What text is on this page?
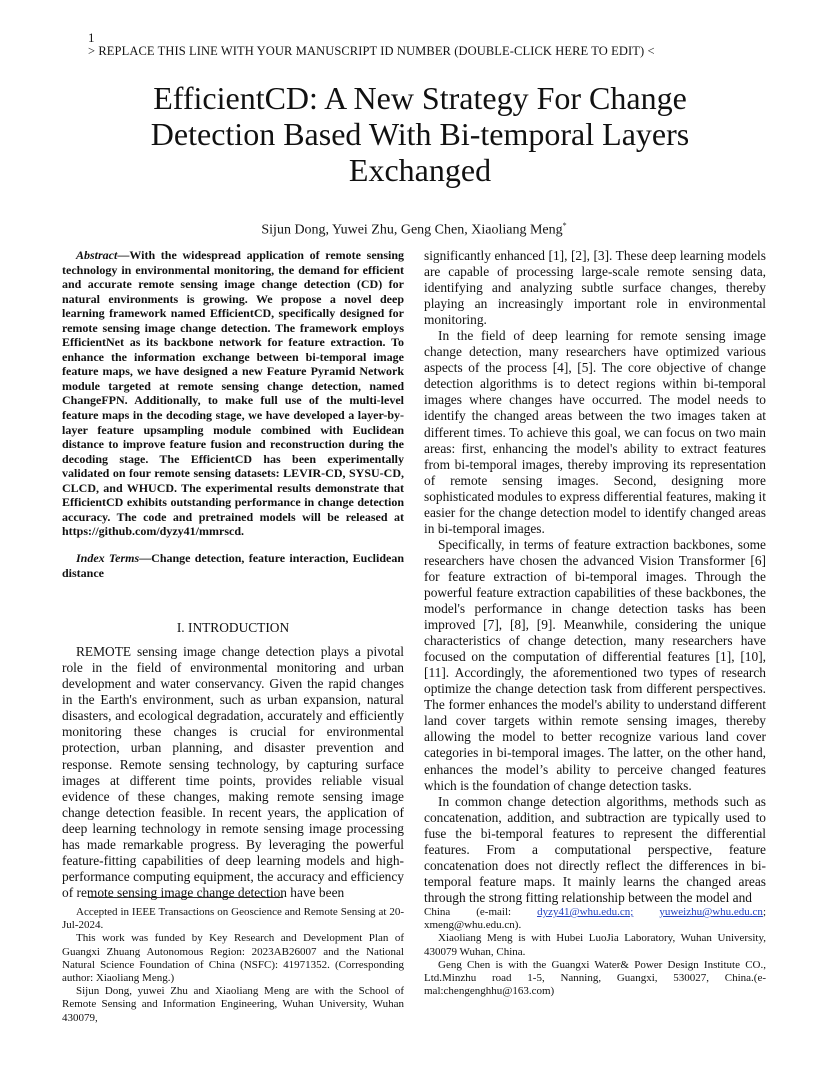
1
> REPLACE THIS LINE WITH YOUR MANUSCRIPT ID NUMBER (DOUBLE-CLICK HERE TO EDIT) <
EfficientCD: A New Strategy For Change Detection Based With Bi-temporal Layers Exchanged
Sijun Dong, Yuwei Zhu, Geng Chen, Xiaoliang Meng*

Abstract—With the widespread application of remote sensing technology in environmental monitoring, the demand for efficient and accurate remote sensing image change detection (CD) for natural environments is growing. We propose a novel deep learning framework named EfficientCD, specifically designed for remote sensing image change detection. The framework employs EfficientNet as its backbone network for feature extraction. To enhance the information exchange between bi-temporal image feature maps, we have designed a new Feature Pyramid Network module targeted at remote sensing change detection, named ChangeFPN. Additionally, to make full use of the multi-level feature maps in the decoding stage, we have developed a layer-by-layer feature upsampling module combined with Euclidean distance to improve feature fusion and reconstruction during the decoding stage. The EfficientCD has been experimentally validated on four remote sensing datasets: LEVIR-CD, SYSU-CD, CLCD, and WHUCD. The experimental results demonstrate that EfficientCD exhibits outstanding performance in change detection accuracy. The code and pretrained models will be released at https://github.com/dyzy41/mmrscd.

Index Terms—Change detection, feature interaction, Euclidean distance

I. INTRODUCTION

REMOTE sensing image change detection plays a pivotal role in the field of environmental monitoring and urban development and water conservancy. Given the rapid changes in the Earth's environment, such as urban expansion, natural disasters, and ecological degradation, accurately and efficiently monitoring these changes is crucial for environmental protection, urban planning, and disaster prevention and response. Remote sensing technology, by capturing surface images at different time points, provides reliable visual evidence of these changes, making remote sensing image change detection feasible. In recent years, the application of deep learning technology in remote sensing image processing has made remarkable progress. By leveraging the powerful feature-fitting capabilities of deep learning models and high-performance computing equipment, the accuracy and efficiency of remote sensing image change detection have been

significantly enhanced [1], [2], [3]. These deep learning models are capable of processing large-scale remote sensing data, identifying and analyzing subtle surface changes, thereby playing an increasingly important role in environmental monitoring.

In the field of deep learning for remote sensing image change detection, many researchers have optimized various aspects of the process [4], [5]. The core objective of change detection algorithms is to detect regions within bi-temporal images where changes have occurred. The model needs to identify the changed areas between the two images taken at different times. To achieve this goal, we can focus on two main areas: first, enhancing the model's ability to extract features from bi-temporal images, thereby improving its representation of remote sensing images. Second, designing more sophisticated modules to express differential features, making it easier for the change detection model to identify changed areas in bi-temporal images.

Specifically, in terms of feature extraction backbones, some researchers have chosen the advanced Vision Transformer [6] for feature extraction of bi-temporal images. Through the powerful feature extraction capabilities of these backbones, the model's performance in change detection tasks has been improved [7], [8], [9]. Meanwhile, considering the unique characteristics of change detection, many researchers have focused on the computation of differential features [1], [10], [11]. Accordingly, the aforementioned two types of research optimize the change detection task from different perspectives. The former enhances the model's ability to understand different land cover targets within remote sensing images, thereby allowing the model to better recognize various land cover categories in bi-temporal images. The latter, on the other hand, enhances the model’s ability to perceive changed features which is the foundation of change detection tasks.

In common change detection algorithms, methods such as concatenation, addition, and subtraction are typically used to fuse the bi-temporal features to represent the differential features. From a computational perspective, feature concatenation does not directly reflect the differences in bi-temporal feature maps. It mainly learns the changed areas through the strong fitting relationship between the model and

Accepted in IEEE Transactions on Geoscience and Remote Sensing at 20-Jul-2024.

This work was funded by Key Research and Development Plan of Guangxi Zhuang Autonomous Region: 2023AB26007 and the National Natural Science Foundation of China (NSFC): 41971352. (Corresponding author: Xiaoliang Meng.)

Sijun Dong, yuwei Zhu and Xiaoliang Meng are with the School of Remote Sensing and Information Engineering, Wuhan University, Wuhan 430079,

China (e-mail: dyzy41@whu.edu.cn; yuweizhu@whu.edu.cn; xmeng@whu.edu.cn).

Xiaoliang Meng is with Hubei LuoJia Laboratory, Wuhan University, 430079 Wuhan, China.

Geng Chen is with the Guangxi Water& Power Design Institute CO., Ltd.Minzhu road 1-5, Nanning, Guangxi, 530027, China.(e-mal:chengenghhu@163.com)
